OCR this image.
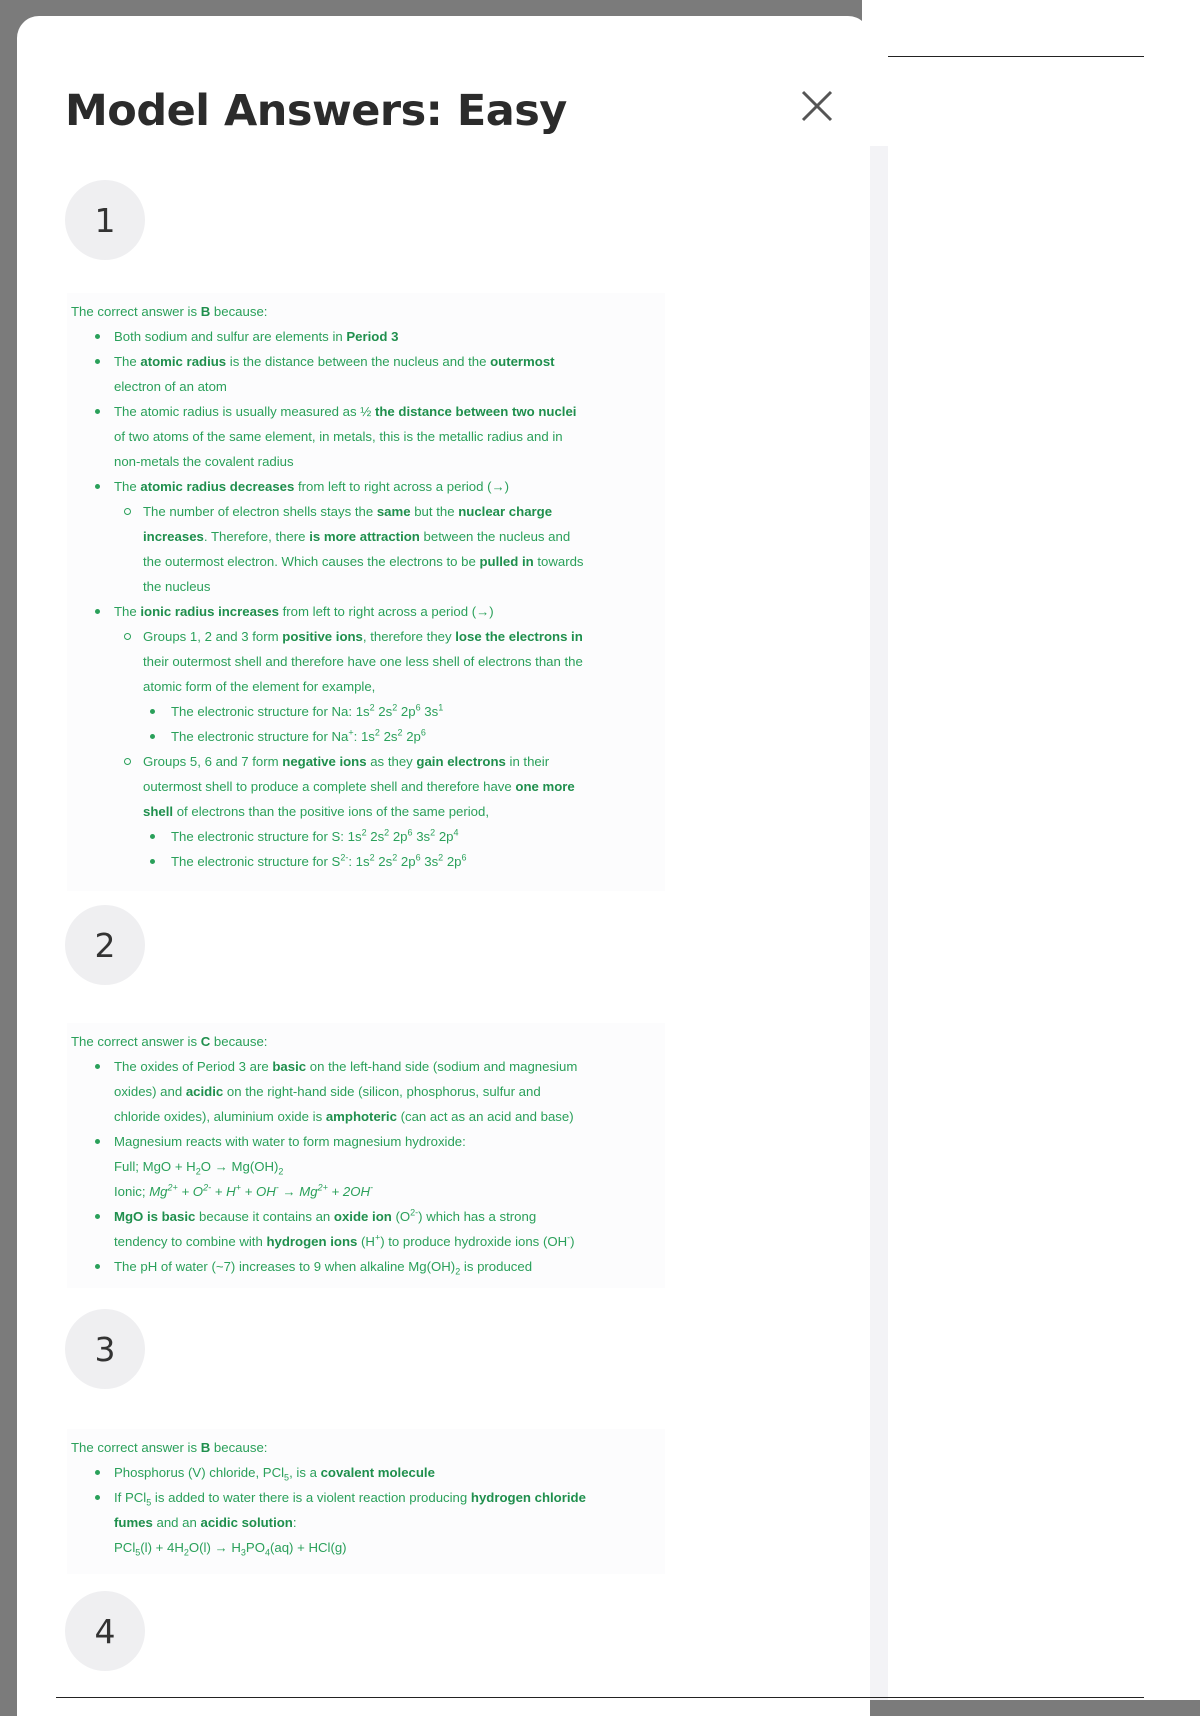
Model Answers: Easy
1

The correct answer is B because:

Both sodium and sulfur are elements in Period 3
The atomic radius is the distance between the nucleus and the outermost
electron of an atom
The atomic radius is usually measured as ½ the distance between two nuclei
of two atoms of the same element, in metals, this is the metallic radius and in
non-metals the covalent radius
The atomic radius decreases from left to right across a period (→)
The number of electron shells stays the same but the nuclear charge
increases. Therefore, there is more attraction between the nucleus and
the outermost electron. Which causes the electrons to be pulled in towards
the nucleus
The ionic radius increases from left to right across a period (→)
Groups 1, 2 and 3 form positive ions, therefore they lose the electrons in
their outermost shell and therefore have one less shell of electrons than the
atomic form of the element for example,
The electronic structure for Na: $1s^2$ $2s^2$ $2p^6$ $3s^1$
The electronic structure for Na+: $1s^2$ $2s^2$ $2p^6$
Groups 5, 6 and 7 form negative ions as they gain electrons in their
outermost shell to produce a complete shell and therefore have one more
shell of electrons than the positive ions of the same period,
The electronic structure for S: $1s^2$ $2s^2$ $2p^6$ $3s^2$ $2p^4$
The electronic structure for $S^{2-}$: $1s^2$ $2s^2$ $2p^6$ $3s^2$ $2p^6$
2

The correct answer is C because:

The oxides of Period 3 are basic on the left-hand side (sodium and magnesium
oxides) and acidic on the right-hand side (silicon, phosphorus, sulfur and
chloride oxides), aluminium oxide is amphoteric (can act as an acid and base)
Magnesium reacts with water to form magnesium hydroxide:
Full; MgO + $H_2O \to Mg(OH)_2$
Ionic; $Mg^{2+} + O^{2-} + H^+ + OH^- \to Mg^{2+} + 2OH^-$
MgO is basic because it contains an oxide ion $(O^{2-})$ which has a strong
tendency to combine with hydrogen ions (H+) to produce hydroxide ions (OH-)
The pH of water (~7) increases to 9 when alkaline $Mg(OH)_2$ is produced
3

The correct answer is B because:

Phosphorus (V) chloride, PCl$_5$, is a covalent molecule
If PCl$_5$ is added to water there is a violent reaction producing hydrogen chloride
fumes and an acidic solution:
$PCl_5(l) + 4H_2O(l) \to H_3PO_4(aq) + HCl(g)$
4
